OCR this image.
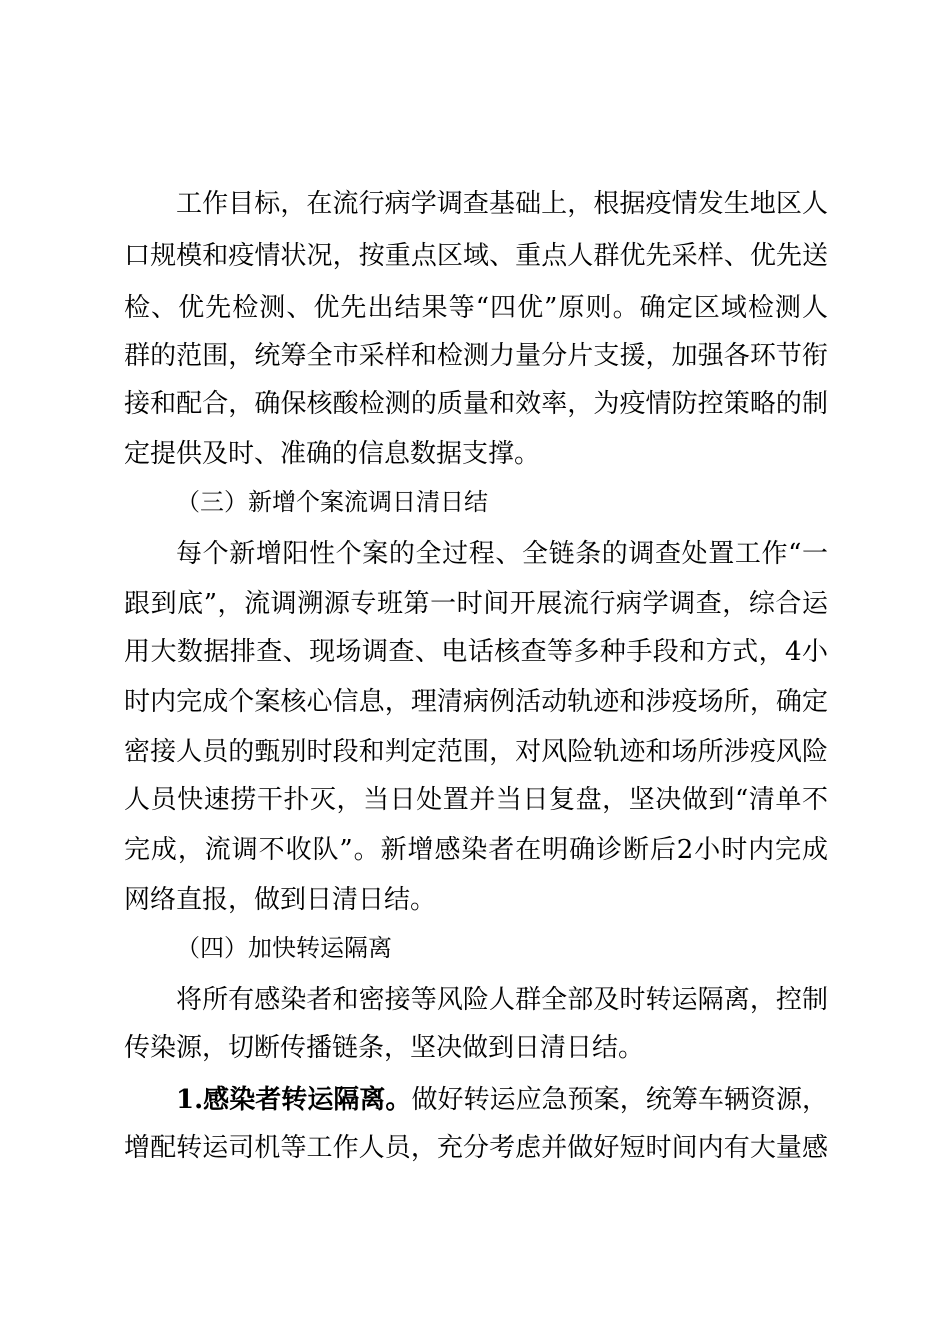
工作目标，在流行病学调查基础上，根据疫情发生地区人
口规模和疫情状况，按重点区域、重点人群优先采样、优先送
检、优先检测、优先出结果等“四优”原则。确定区域检测人
群的范围，统筹全市采样和检测力量分片支援，加强各环节衔
接和配合，确保核酸检测的质量和效率，为疫情防控策略的制
定提供及时、准确的信息数据支撑。
（三）新增个案流调日清日结
每个新增阳性个案的全过程、全链条的调查处置工作“一
跟到底”，流调溯源专班第一时间开展流行病学调查，综合运
用大数据排查、现场调查、电话核查等多种手段和方式，4小
时内完成个案核心信息，理清病例活动轨迹和涉疫场所，确定
密接人员的甄别时段和判定范围，对风险轨迹和场所涉疫风险
人员快速捞干扑灭，当日处置并当日复盘，坚决做到“清单不
完成，流调不收队”。新增感染者在明确诊断后2小时内完成
网络直报，做到日清日结。
（四）加快转运隔离
将所有感染者和密接等风险人群全部及时转运隔离，控制
传染源，切断传播链条，坚决做到日清日结。
1.感染者转运隔离。做好转运应急预案，统筹车辆资源，
增配转运司机等工作人员，充分考虑并做好短时间内有大量感
